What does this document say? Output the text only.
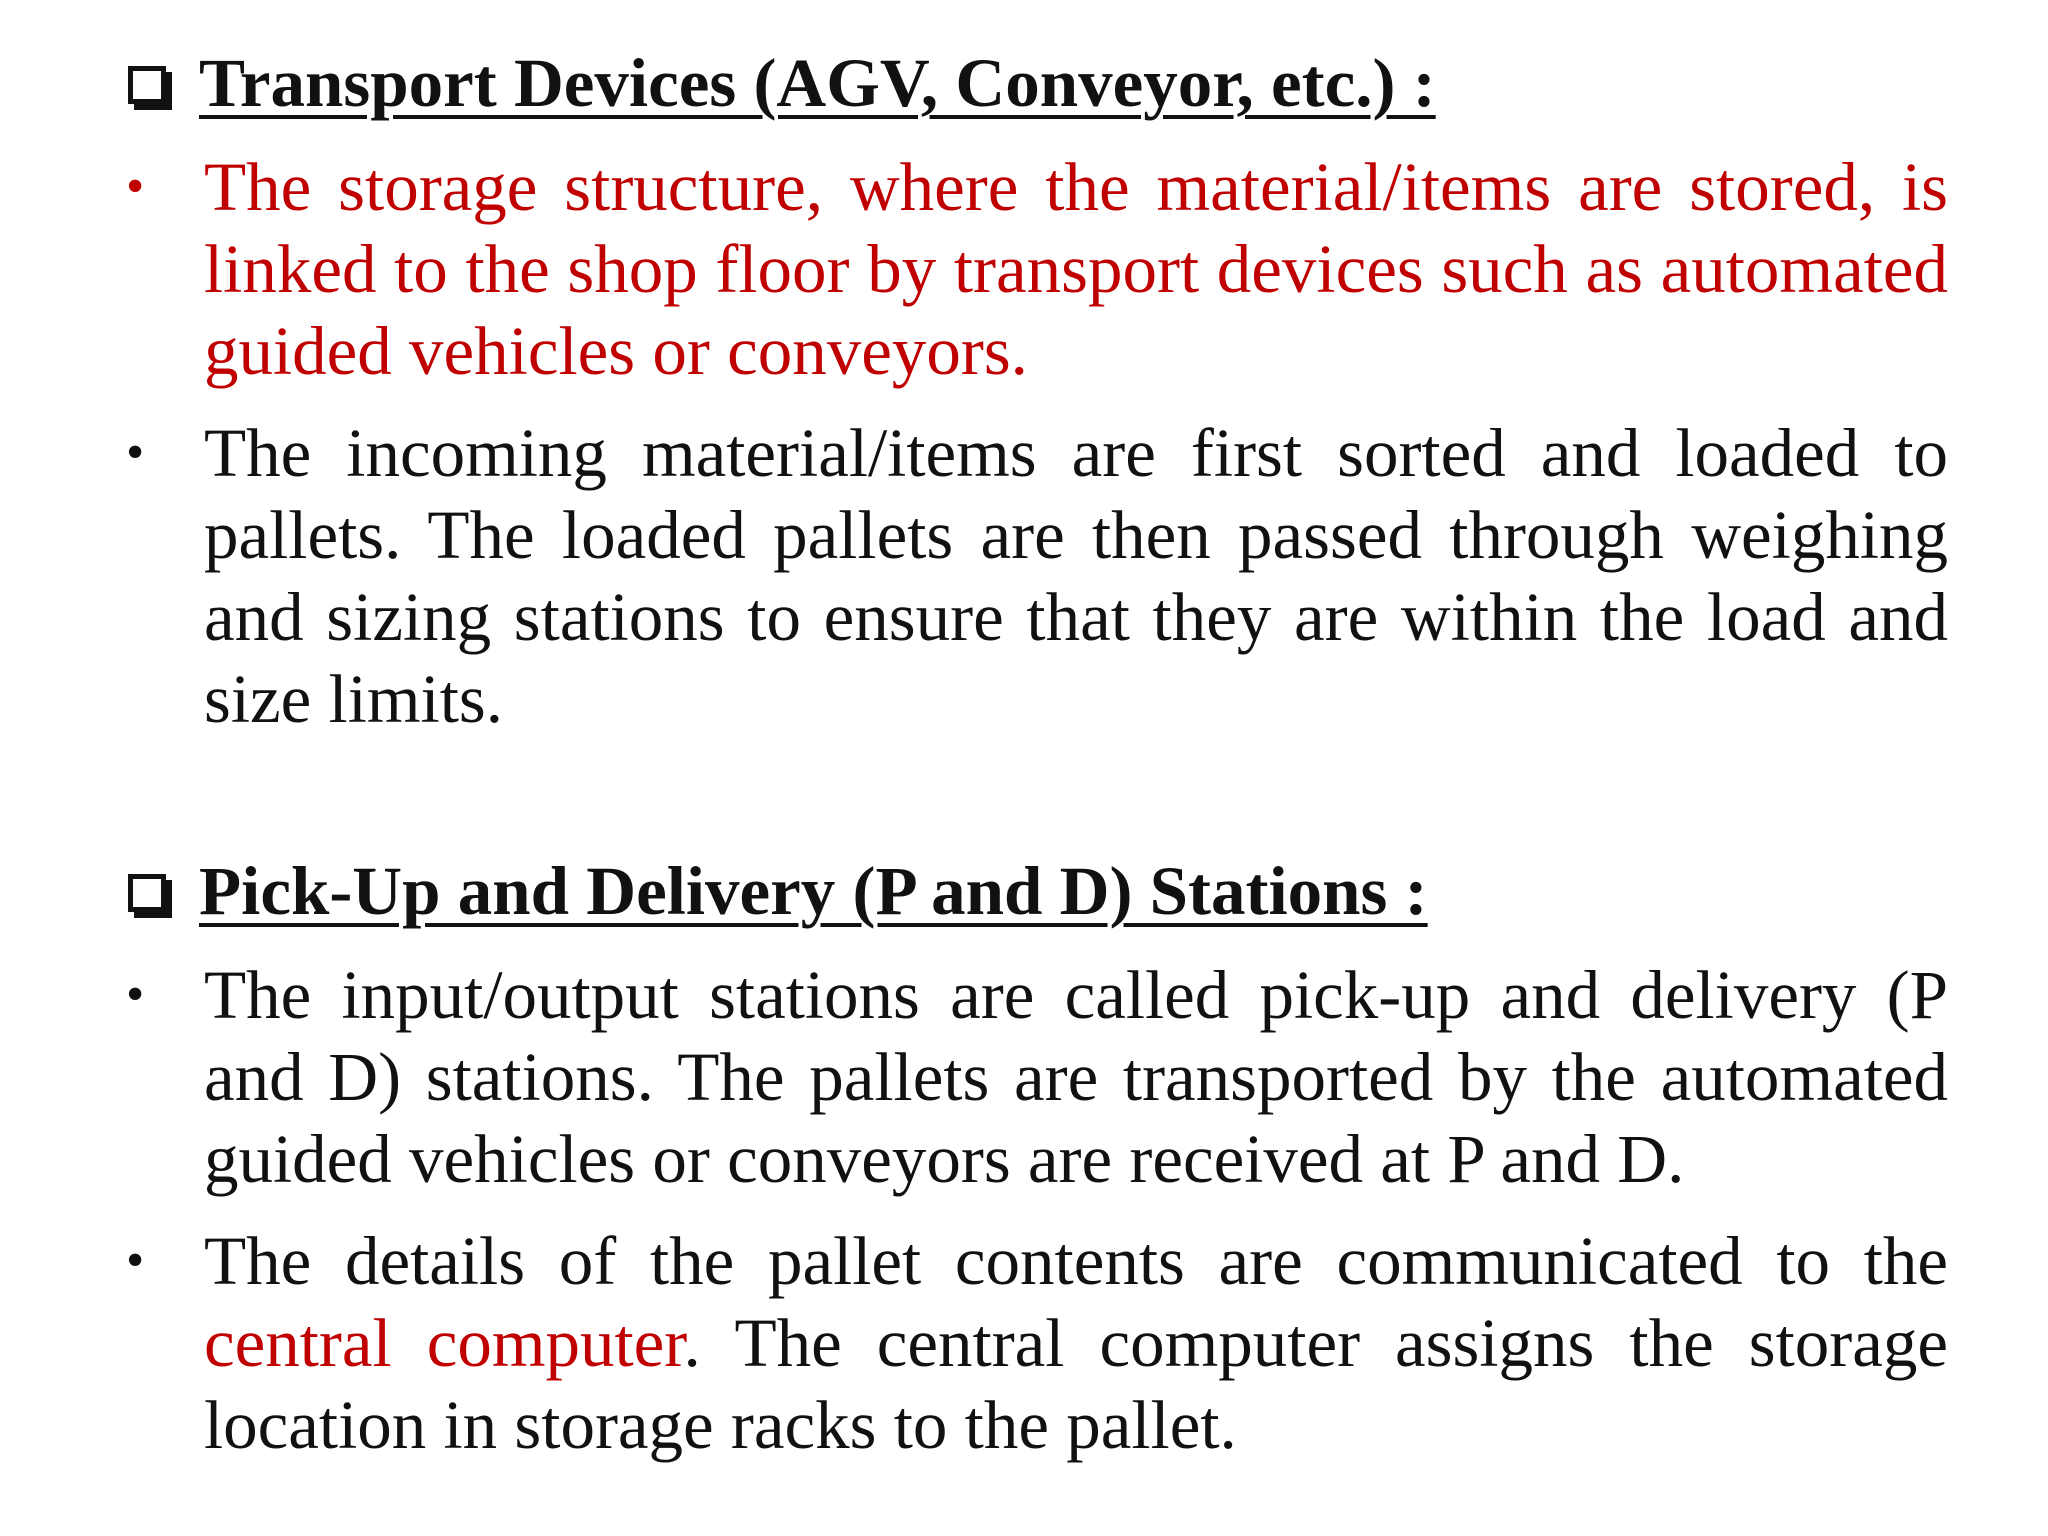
Transport Devices (AGV, Conveyor, etc.) :
• The storage structure, where the material/items are stored, is linked to the shop floor by transport devices such as automated guided vehicles or conveyors.
• The incoming material/items are first sorted and loaded to pallets. The loaded pallets are then passed through weighing and sizing stations to ensure that they are within the load and size limits.
Pick-Up and Delivery (P and D) Stations :
• The input/output stations are called pick-up and delivery (P and D) stations. The pallets are transported by the automated guided vehicles or conveyors are received at P and D.
• The details of the pallet contents are communicated to the central computer. The central computer assigns the storage location in storage racks to the pallet.
